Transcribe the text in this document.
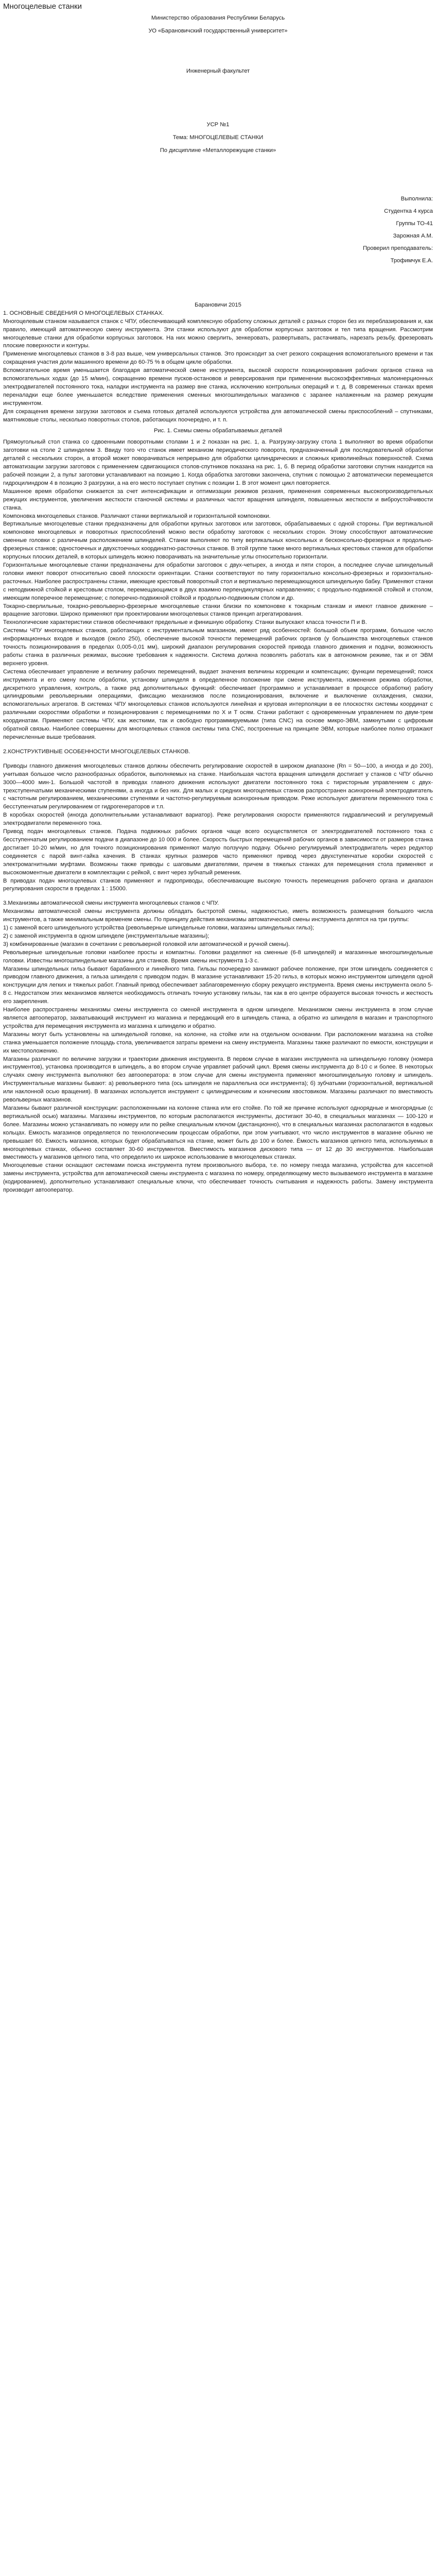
Многоцелевые станки
Министерство образования Республики Беларусь
УО «Барановичский государственный университет»
Инженерный факультет
УСР №1
Тема: МНОГОЦЕЛЕВЫЕ СТАНКИ
По дисциплине «Металлорежущие станки»
Выполнила:
Студентка 4 курса
Группы ТО-41
Зарожная А.М.
Проверил преподаватель:
Трофимчук Е.А.
Барановичи 2015
1. ОСНОВНЫЕ СВЕДЕНИЯ О МНОГОЦЕЛЕВЫХ СТАНКАХ.

Многоцелевым станком называется станок с ЧПУ, обеспечивающий комплексную обработку сложных деталей с разных сторон без их переблазирования и, как правило, имеющий автоматическую смену инструмента. Эти станки используют для обработки корпусных заготовок и тел типа вращения. Рассмотрим многоцелевые станки для обработки корпусных заготовок. На них можно сверлить, зенкеровать, развертывать, растачивать, нарезать резьбу, фрезеровать плоские поверхности и контуры.

Применение многоцелевых станков в 3-8 раз выше, чем универсальных станков. Это происходит за счет резкого сокращения вспомогательного времени и так сокращения участия доли машинного времени до 60-75 % в общем цикле обработки.

Вспомогательное время уменьшается благодаря автоматической смене инструмента, высокой скорости позиционирования рабочих органов станка на вспомогательных ходах (до 15 м/мин), сокращению времени пусков-остановов и реверсирования при применении высокоэффективных малоинерционных электродвигателей постоянного тока, наладки инструмента на размер вне станка, исключению контрольных операций и т. д. В современных станках время переналадки еще более уменьшается вследствие применения сменных многошпиндельных магазинов с заранее налаженным на размер режущим инструментом.

Для сокращения времени загрузки заготовок и съема готовых деталей используются устройства для автоматической смены приспособлений – спутниками, маятниковые столы, несколько поворотных столов, работающих поочередно, и т. п.

Рис. 1. Схемы смены обрабатываемых деталей

Прямоугольный стол станка со сдвоенными поворотными столами 1 и 2 показан на рис. 1, а. Разгрузку-загрузку стола 1 выполняют во время обработки заготовки на столе 2 шпинделем 3. Ввиду того что станок имеет механизм периодического поворота, предназначенный для последовательной обработки деталей с нескольких сторон, а второй может поворачиваться непрерывно для обработки цилиндрических и сложных криволинейных поверхностей. Схема автоматизации загрузки заготовок с применением сдвигающихся столов-спутников показана на рис. 1, б. В период обработки заготовки спутник находится на рабочей позиции 2, а пульт заготовки устанавливают на позицию 1. Когда обработка заготовки закончена, спутник с помощью 2 автоматически перемещается гидроцилиндром 4 в позицию 3 разгрузки, а на его место поступает спутник с позиции 1. В этот момент цикл повторяется.

Машинное время обработки снижается за счет интенсификации и оптимизации режимов резания, применения современных высокопроизводительных режущих инструментов, увеличения жесткости станочной системы и различных частот вращения шпинделя, повышенных жесткости и виброустойчивости станка.

Компоновка многоцелевых станков. Различают станки вертикальной и горизонтальной компоновки.

Вертикальные многоцелевые станки предназначены для обработки крупных заготовок или заготовок, обрабатываемых с одной стороны. При вертикальной компоновке многоцелевых и поворотных приспособлений можно вести обработку заготовок с нескольких сторон. Этому способствуют автоматические сменные головки с различным расположением шпинделей. Станки выполняют по типу вертикальных консольных и бесконсольно-фрезерных и продольно-фрезерных станков; одностоечных и двухстоечных координатно-расточных станков. В этой группе также много вертикальных крестовых станков для обработки корпусных плоских деталей, в которых шпиндель можно поворачивать на значительные углы относительно горизонтали.

Горизонтальные многоцелевые станки предназначены для обработки заготовок с двух-четырех, а иногда и пяти сторон, а последнее случае шпиндельный головки имеют поворот относительно своей плоскости ориентации. Станки соответствуют по типу горизонтально консольно-фрезерных и горизонтально-расточных. Наиболее распространены станки, имеющие крестовый поворотный стол и вертикально перемещающуюся шпиндельную бабку. Применяют станки с неподвижной стойкой и крестовым столом, перемещающимся в двух взаимно перпендикулярных направлениях; с продольно-подвижной стойкой и столом, имеющим поперечное перемещение; с поперечно-подвижной стойкой и продольно-подвижным столом и др.

Токарно-сверлильные, токарно-револьверно-фрезерные многоцелевые станки близки по компоновке к токарным станкам и имеют главное движение – вращение заготовки. Широко применяют при проектировании многоцелевых станков принцип агрегатирования.

Технологические характеристики станков обеспечивают предельные и финишную обработку. Станки выпускают класса точности П и В.

Системы ЧПУ многоцелевых станков, работающих с инструментальным магазином, имеют ряд особенностей: большой объем программ, большое число информационных входов и выходов (около 250), обеспечение высокой точности перемещений рабочих органов (у большинства многоцелевых станков точность позиционирования в пределах 0,005-0,01 мм), широкий диапазон регулирования скоростей привода главного движения и подачи, возможность работы станка в различных режимах, высокие требования к надежности. Система должна позволять работать как в автономном режиме, так и от ЭВМ верхнего уровня.

Система обеспечивает управление и величину рабочих перемещений, выдает значения величины коррекции и компенсацию; функции перемещений; поиск инструмента и его смену после обработки, установку шпинделя в определенное положение при смене инструмента, изменения режима обработки, дискретного управления, контроль, а также ряд дополнительных функций: обеспечивает (программно и устанавливает в процессе обработки) работу цилиндровыми револьверными операциями, фиксацию механизмов после позиционирования, включение и выключение охлаждения, смазки, вспомогательных агрегатов. В системах ЧПУ многоцелевых станков используются линейная и круговая интерполяции в ее плоскостях системы координат с различными скоростями обработки и позиционирования с перемещениями по Х и Т осям. Станки работают с одновременным управлением по двум-трем координатам. Применяют системы ЧПУ, как жесткими, так и свободно программируемыми (типа CNC) на основе микро-ЭВМ, замкнутыми с цифровым обратной связью. Наиболее совершенны для многоцелевых станков системы типа CNC, построенные на принципе ЭВМ, которые наиболее полно отражают перечисленные выше требования.

2.КОНСТРУКТИВНЫЕ ОСОБЕННОСТИ МНОГОЦЕЛЕВЫХ СТАНКОВ.

Приводы главного движения многоцелевых станков должны обеспечить регулирование скоростей в широком диапазоне (Rn = 50—100, а иногда и до 200), учитывая большое число разнообразных обработок, выполняемых на станке. Наибольшая частота вращения шпинделя достигает у станков с ЧПУ обычно 3000—4000 мин-1. Большой частотой в приводах главного движения используют двигатели постоянного тока с тиристорным управлением с двух-трехступенчатыми механическими ступенями, а иногда и без них. Для малых и средних многоцелевых станков распространен асинхронный электродвигатель с частотным регулированием, механическими ступенями и частотно-регулируемым асинхронным приводом. Реже используют двигатели переменного тока с бесступенчатым регулированием от гидрогенераторов и т.п.

В коробках скоростей (иногда дополнительными устанавливают вариатор). Реже регулирования скорости применяются гидравлический и регулируемый электродвигатели переменного тока.

Привод подач многоцелевых станков. Подача подвижных рабочих органов чаще всего осуществляется от электродвигателей постоянного тока с бесступенчатым регулированием подачи в диапазоне до 10 000 и более. Скорость быстрых перемещений рабочих органов в зависимости от размеров станка достигает 10-20 м/мин, но для точного позиционирования применяют малую ползучую подачу. Обычно регулируемый электродвигатель через редуктор соединяется с парой винт-гайка качения. В станках крупных размеров часто применяют привод через двухступенчатые коробки скоростей с электромагнитными муфтами. Возможны также приводы с шаговыми двигателями, причем в тяжелых станках для перемещения стола применяют и высокомоментные двигатели в комплектации с рейкой, с винт через зубчатый ременник.

В приводах подач многоцелевых станков применяют и гидроприводы, обеспечивающие высокую точность перемещения рабочего органа и диапазон регулирования скорости в пределах 1 : 15000.

3.Механизмы автоматической смены инструмента многоцелевых станков с ЧПУ.

Механизмы автоматической смены инструмента должны обладать быстротой смены, надежностью, иметь возможность размещения большого числа инструментов, а также минимальным временем смены. По принципу действия механизмы автоматической смены инструмента делятся на три группы:

1) с заменой всего шпиндельного устройства (револьверные шпиндельные головки, магазины шпиндельных гильз);

2) с заменой инструмента в одном шпинделе (инструментальные магазины);

3) комбинированные (магазин в сочетании с револьверной головкой или автоматической и ручной смены).

Револьверные шпиндельные головки наиболее просты и компактны. Головки разделяют на сменные (6-8 шпинделей) и магазинные многошпиндельные головки. Известны многошпиндельные магазины для станков. Время смены инструмента 1-3 с.

Магазины шпиндельных гильз бывают барабанного и линейного типа. Гильзы поочередно занимают рабочее положение, при этом шпиндель соединяется с приводом главного движения, а гильза шпинделя с приводом подач. В магазине устанавливают 15-20 гильз, в которых можно инструментом шпинделя одной конструкции для легких и тяжелых работ. Главный привод обеспечивает заблаговременную сборку режущего инструмента. Время смены инструмента около 5-8 с. Недостатком этих механизмов является необходимость отличать точную установку гильзы, так как в его центре образуется высокая точность и жесткость его закрепления.

Наиболее распространены механизмы смены инструмента со сменой инструмента в одном шпинделе. Механизмом смены инструмента в этом случае является автооператор, захватывающий инструмент из магазина и передающий его в шпиндель станка, а обратно из шпинделя в магазин и транспортного устройства для перемещения инструмента из магазина к шпинделю и обратно.

Магазины могут быть установлены на шпиндельной головке, на колонне, на стойке или на отдельном основании. При расположении магазина на стойке станка уменьшается положение площадь стола, увеличивается затраты времени на смену инструмента. Магазины также различают по емкости, конструкции и их местоположению.

Магазины различают по величине загрузки и траектории движения инструмента. В первом случае в магазин инструмента на шпиндельную головку (номера инструментов), установка производится в шпиндель, а во втором случае управляет рабочий цикл. Время смены инструмента до 8-10 с и более. В некоторых случаях смену инструмента выполняют без автооператора: в этом случае для смены инструмента применяют многошпиндельную головку и шпиндель. Инструментальные магазины бывают: а) револьверного типа (ось шпинделя не параллельна оси инструмента); б) зубчатыми (горизонтальной, вертикальной или наклонной осью вращения). В магазинах используется инструмент с цилиндрическим и коническим хвостовиком. Магазины различают по вместимость револьверных магазинов.

Магазины бывают различной конструкции: расположенными на колонне станка или его стойке. По той же причине используют однорядные и многорядные (с вертикальной осью) магазины. Магазины инструментов, по которым располагаются инструменты, достигают 30-40, в специальных магазинах — 100-120 и более. Магазины можно устанавливать по номеру или по рейке специальным ключом (дистанционно), что в специальных магазинах располагаются в кодовых кольцах. Емкость магазинов определяется по технологическим процессам обработки, при этом учитывают, что число инструментов в магазине обычно не превышает 60. Емкость магазинов, которых будет обрабатываться на станке, может быть до 100 и более. Ёмкость магазинов цепного типа, используемых в многоцелевых станках, обычно составляет 30-60 инструментов. Вместимость магазинов дискового типа — от 12 до 30 инструментов. Наибольшая вместимость у магазинов цепного типа, что определило их широкое использование в многоцелевых станках.

Многоцелевые станки оснащают системами поиска инструмента путем произвольного выбора, т.е. по номеру гнезда магазина, устройства для кассетной замены инструмента, устройства для автоматической смены инструмента с магазина по номеру, определяющему место вызываемого инструмента в магазине (кодированием), дополнительно устанавливают специальные ключи, что обеспечивает точность считывания и надежность работы. Замену инструмента производит автооператор.
